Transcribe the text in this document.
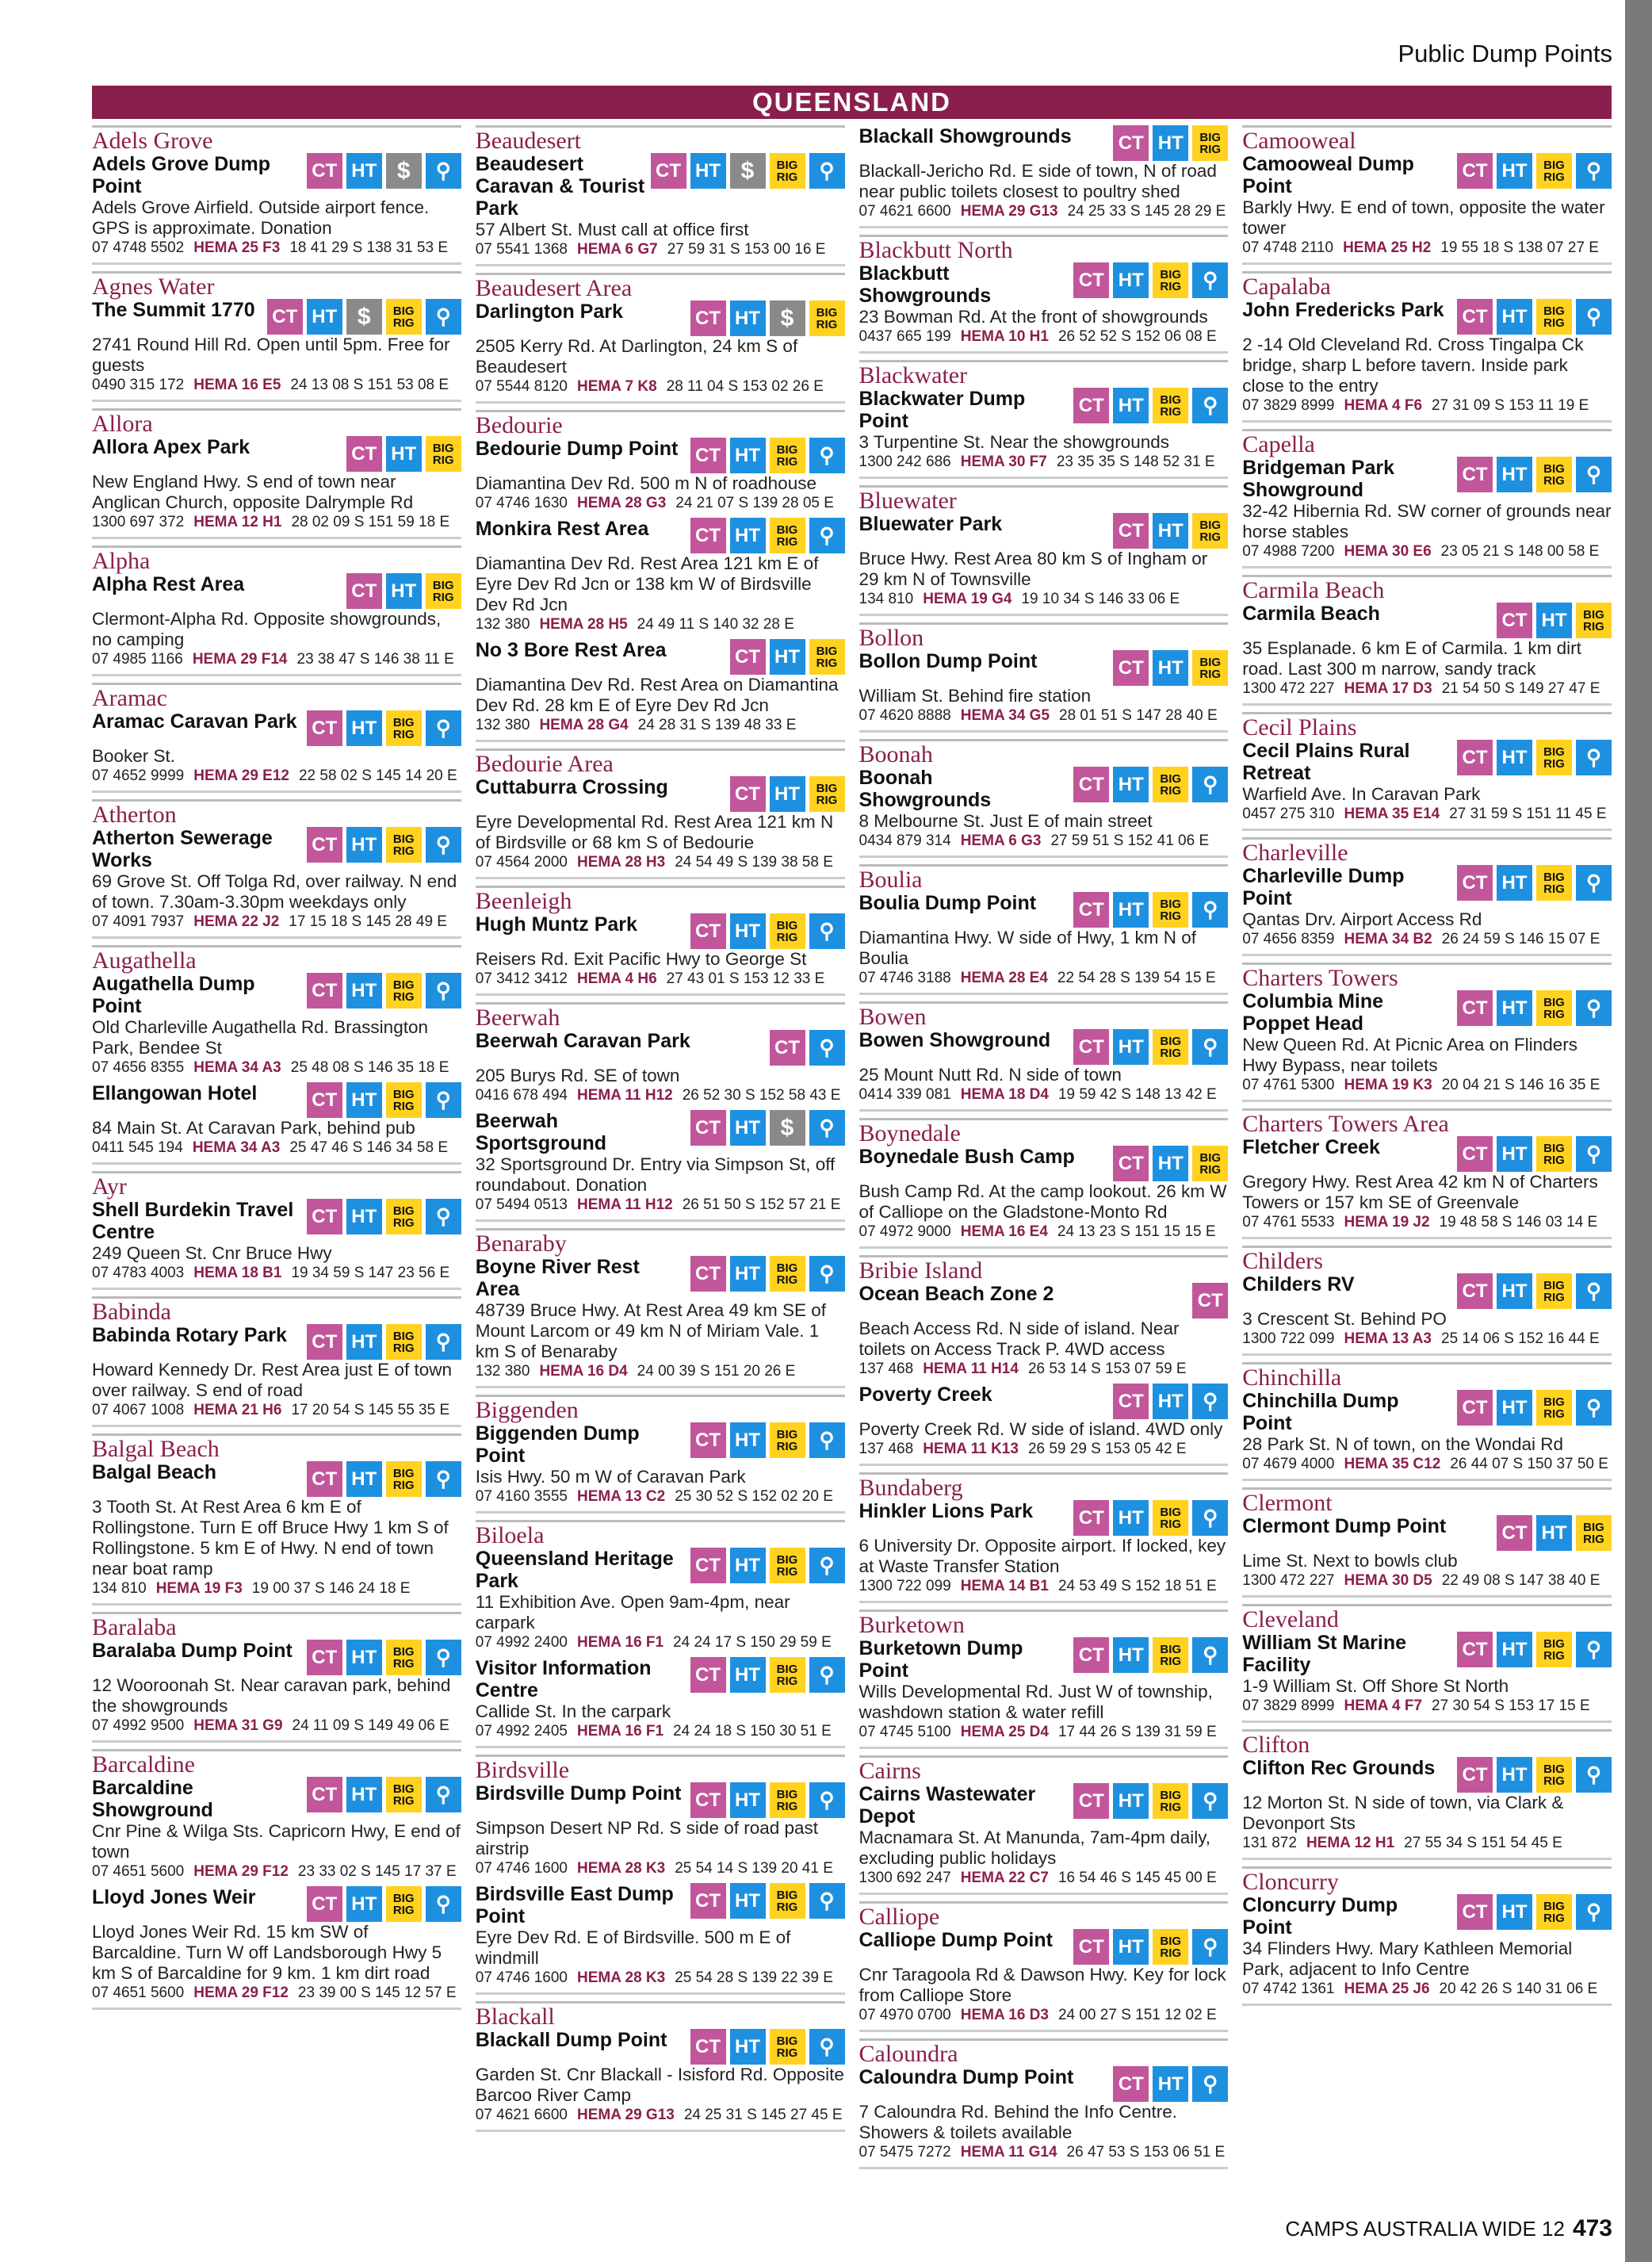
Public Dump Points
QUEENSLAND
Adels Grove
Adels Grove Dump Point
CT HT $	⚲
Adels Grove Airfield. Outside airport fence. GPS is approximate. Donation
07 4748 5502 HEMA 25 F3 18 41 29 S 138 31 53 E
Agnes Water
The Summit 1770 CT HT $	BIG
RIG	⚲
2741 Round Hill Rd. Open until 5pm. Free for guests
0490 315 172 HEMA 16 E5 24 13 08 S 151 53 08 E
Allora
Allora Apex Park	CT HT	BIG
RIG
New England Hwy. S end of town near Anglican Church, opposite Dalrymple Rd
1300 697 372 HEMA 12 H1 28 02 09 S 151 59 18 E
Alpha
Alpha Rest Area	CT HT	BIG
RIG
Clermont-Alpha Rd. Opposite showgrounds, no camping
07 4985 1166 HEMA 29 F14 23 38 47 S 146 38 11 E
Aramac
Aramac Caravan Park CT HT	BIG
RIG	⚲
Booker St.
07 4652 9999 HEMA 29 E12 22 58 02 S 145 14 20 E
Atherton
Atherton Sewerage Works
CT HT	BIG
RIG	⚲
69 Grove St. Off Tolga Rd, over railway. N end of town. 7.30am-3.30pm weekdays only
07 4091 7937 HEMA 22 J2 17 15 18 S 145 28 49 E
Augathella
Augathella Dump Point
CT HT	BIG
RIG	⚲
Old Charleville Augathella Rd. Brassington Park, Bendee St
07 4656 8355 HEMA 34 A3 25 48 08 S 146 35 18 E
Ellangowan Hotel	CT HT	BIG
RIG	⚲
84 Main St. At Caravan Park, behind pub
0411 545 194 HEMA 34 A3 25 47 46 S 146 34 58 E
Ayr
Shell Burdekin Travel Centre
CT HT	BIG
RIG	⚲
249 Queen St. Cnr Bruce Hwy
07 4783 4003 HEMA 18 B1 19 34 59 S 147 23 56 E
Babinda
Babinda Rotary Park CT HT	BIG
RIG	⚲
Howard Kennedy Dr. Rest Area just E of town over railway. S end of road
07 4067 1008 HEMA 21 H6 17 20 54 S 145 55 35 E
Balgal Beach
Balgal Beach	CT HT	BIG
RIG	⚲
3 Tooth St. At Rest Area 6 km E of Rollingstone. Turn E off Bruce Hwy 1 km S of Rollingstone. 5 km E of Hwy. N end of town near boat ramp
134 810 HEMA 19 F3 19 00 37 S 146 24 18 E
Baralaba
Baralaba Dump Point CT HT	BIG
RIG	⚲
12 Wooroonah St. Near caravan park, behind the showgrounds
07 4992 9500 HEMA 31 G9 24 11 09 S 149 49 06 E
Barcaldine
Barcaldine Showground
CT HT	BIG
RIG	⚲
Cnr Pine & Wilga Sts. Capricorn Hwy, E end of town
07 4651 5600 HEMA 29 F12 23 33 02 S 145 17 37 E
Lloyd Jones Weir	CT HT	BIG
RIG	⚲
Lloyd Jones Weir Rd. 15 km SW of Barcaldine. Turn W off Landsborough Hwy 5 km S of Barcaldine for 9 km. 1 km dirt road
07 4651 5600 HEMA 29 F12 23 39 00 S 145 12 57 E
Beaudesert
Beaudesert Caravan & Tourist Park
CT HT $	BIG
RIG	⚲
57 Albert St. Must call at office first
07 5541 1368 HEMA 6 G7 27 59 31 S 153 00 16 E
Beaudesert Area
Darlington Park	CT HT $	BIG
RIG
2505 Kerry Rd. At Darlington, 24 km S of Beaudesert
07 5544 8120 HEMA 7 K8 28 11 04 S 153 02 26 E
Bedourie
Bedourie Dump Point CT HT	BIG
RIG	⚲
Diamantina Dev Rd. 500 m N of roadhouse
07 4746 1630 HEMA 28 G3 24 21 07 S 139 28 05 E
Monkira Rest Area CT HT	BIG
RIG	⚲
Diamantina Dev Rd. Rest Area 121 km E of Eyre Dev Rd Jcn or 138 km W of Birdsville Dev Rd Jcn
132 380 HEMA 28 H5 24 49 11 S 140 32 28 E
No 3 Bore Rest Area	CT HT	BIG
RIG
Diamantina Dev Rd. Rest Area on Diamantina Dev Rd. 28 km E of Eyre Dev Rd Jcn
132 380 HEMA 28 G4 24 28 31 S 139 48 33 E
Bedourie Area
Cuttaburra Crossing	CT HT	BIG
RIG
Eyre Developmental Rd. Rest Area 121 km N of Birdsville or 68 km S of Bedourie
07 4564 2000 HEMA 28 H3 24 54 49 S 139 38 58 E
Beenleigh
Hugh Muntz Park	CT HT	BIG
RIG	⚲
Reisers Rd. Exit Pacific Hwy to George St
07 3412 3412 HEMA 4 H6 27 43 01 S 153 12 33 E
Beerwah
Beerwah Caravan Park	CT ⚲
205 Burys Rd. SE of town
0416 678 494 HEMA 11 H12 26 52 30 S 152 58 43 E
Beerwah Sportsground
CT HT $	⚲
32 Sportsground Dr. Entry via Simpson St, off roundabout. Donation
07 5494 0513 HEMA 11 H12 26 51 50 S 152 57 21 E
Benaraby
Boyne River Rest Area
CT HT	BIG
RIG	⚲
48739 Bruce Hwy. At Rest Area 49 km SE of Mount Larcom or 49 km N of Miriam Vale. 1 km S of Benaraby
132 380 HEMA 16 D4 24 00 39 S 151 20 26 E
Biggenden
Biggenden Dump Point
CT HT	BIG
RIG	⚲
Isis Hwy. 50 m W of Caravan Park
07 4160 3555 HEMA 13 C2 25 30 52 S 152 02 20 E
Biloela
Queensland Heritage Park
CT HT	BIG
RIG	⚲
11 Exhibition Ave. Open 9am-4pm, near carpark
07 4992 2400 HEMA 16 F1 24 24 17 S 150 29 59 E
Visitor Information Centre
CT HT	BIG
RIG	⚲
Callide St. In the carpark
07 4992 2405 HEMA 16 F1 24 24 18 S 150 30 51 E
Birdsville
Birdsville Dump Point CT HT	BIG
RIG	⚲
Simpson Desert NP Rd. S side of road past airstrip
07 4746 1600 HEMA 28 K3 25 54 14 S 139 20 41 E
Birdsville East Dump Point
CT HT	BIG
RIG	⚲
Eyre Dev Rd. E of Birdsville. 500 m E of windmill
07 4746 1600 HEMA 28 K3 25 54 28 S 139 22 39 E
Blackall
Blackall Dump Point CT HT	BIG
RIG	⚲
Garden St. Cnr Blackall - Isisford Rd. Opposite Barcoo River Camp
07 4621 6600 HEMA 29 G13 24 25 31 S 145 27 45 E
Blackall Showgrounds CT HT	BIG
RIG
Blackall-Jericho Rd. E side of town, N of road near public toilets closest to poultry shed
07 4621 6600 HEMA 29 G13 24 25 33 S 145 28 29 E
Blackbutt North
Blackbutt Showgrounds
CT HT	BIG
RIG	⚲
23 Bowman Rd. At the front of showgrounds
0437 665 199 HEMA 10 H1 26 52 52 S 152 06 08 E
Blackwater
Blackwater Dump Point
CT HT	BIG
RIG	⚲
3 Turpentine St. Near the showgrounds
1300 242 686 HEMA 30 F7 23 35 35 S 148 52 31 E
Bluewater
Bluewater Park	CT HT	BIG
RIG
Bruce Hwy. Rest Area 80 km S of Ingham or 29 km N of Townsville
134 810 HEMA 19 G4 19 10 34 S 146 33 06 E
Bollon
Bollon Dump Point	CT HT	BIG
RIG
William St. Behind fire station
07 4620 8888 HEMA 34 G5 28 01 51 S 147 28 40 E
Boonah
Boonah Showgrounds
CT HT	BIG
RIG	⚲
8 Melbourne St. Just E of main street
0434 879 314 HEMA 6 G3 27 59 51 S 152 41 06 E
Boulia
Boulia Dump Point CT HT	BIG
RIG	⚲
Diamantina Hwy. W side of Hwy, 1 km N of Boulia
07 4746 3188 HEMA 28 E4 22 54 28 S 139 54 15 E
Bowen
Bowen Showground CT HT	BIG
RIG	⚲
25 Mount Nutt Rd. N side of town
0414 339 081 HEMA 18 D4 19 59 42 S 148 13 42 E
Boynedale
Boynedale Bush Camp CT HT	BIG
RIG
Bush Camp Rd. At the camp lookout. 26 km W of Calliope on the Gladstone-Monto Rd
07 4972 9000 HEMA 16 E4 24 13 23 S 151 15 15 E
Bribie Island
Ocean Beach Zone 2	CT
Beach Access Rd. N side of island. Near toilets on Access Track P. 4WD access
137 468 HEMA 11 H14 26 53 14 S 153 07 59 E
Poverty Creek	CT HT ⚲
Poverty Creek Rd. W side of island. 4WD only
137 468 HEMA 11 K13 26 59 29 S 153 05 42 E
Bundaberg
Hinkler Lions Park CT HT	BIG
RIG	⚲
6 University Dr. Opposite airport. If locked, key at Waste Transfer Station
1300 722 099 HEMA 14 B1 24 53 49 S 152 18 51 E
Burketown
Burketown Dump Point
CT HT	BIG
RIG	⚲
Wills Developmental Rd. Just W of township, washdown station & water refill
07 4745 5100 HEMA 25 D4 17 44 26 S 139 31 59 E
Cairns
Cairns Wastewater Depot
CT HT	BIG
RIG	⚲
Macnamara St. At Manunda, 7am-4pm daily, excluding public holidays
1300 692 247 HEMA 22 C7 16 54 46 S 145 45 00 E
Calliope
Calliope Dump Point CT HT	BIG
RIG	⚲
Cnr Taragoola Rd & Dawson Hwy. Key for lock from Calliope Store
07 4970 0700 HEMA 16 D3 24 00 27 S 151 12 02 E
Caloundra
Caloundra Dump Point CT HT ⚲
7 Caloundra Rd. Behind the Info Centre. Showers & toilets available
07 5475 7272 HEMA 11 G14 26 47 53 S 153 06 51 E
Camooweal
Camooweal Dump Point
CT HT	BIG
RIG	⚲
Barkly Hwy. E end of town, opposite the water tower
07 4748 2110 HEMA 25 H2 19 55 18 S 138 07 27 E
Capalaba
John Fredericks Park CT HT	BIG
RIG	⚲
2 -14 Old Cleveland Rd. Cross Tingalpa Ck bridge, sharp L before tavern. Inside park close to the entry
07 3829 8999 HEMA 4 F6 27 31 09 S 153 11 19 E
Capella
Bridgeman Park Showground
CT HT	BIG
RIG	⚲
32-42 Hibernia Rd. SW corner of grounds near horse stables
07 4988 7200 HEMA 30 E6 23 05 21 S 148 00 58 E
Carmila Beach
Carmila Beach	CT HT	BIG
RIG
35 Esplanade. 6 km E of Carmila. 1 km dirt road. Last 300 m narrow, sandy track
1300 472 227 HEMA 17 D3 21 54 50 S 149 27 47 E
Cecil Plains
Cecil Plains Rural Retreat
CT HT	BIG
RIG	⚲
Warfield Ave. In Caravan Park
0457 275 310 HEMA 35 E14 27 31 59 S 151 11 45 E
Charleville
Charleville Dump Point
CT HT	BIG
RIG	⚲
Qantas Drv. Airport Access Rd
07 4656 8359 HEMA 34 B2 26 24 59 S 146 15 07 E
Charters Towers
Columbia Mine Poppet Head
CT HT	BIG
RIG	⚲
New Queen Rd. At Picnic Area on Flinders Hwy Bypass, near toilets
07 4761 5300 HEMA 19 K3 20 04 21 S 146 16 35 E
Charters Towers Area
Fletcher Creek	CT HT	BIG
RIG	⚲
Gregory Hwy. Rest Area 42 km N of Charters Towers or 157 km SE of Greenvale
07 4761 5533 HEMA 19 J2 19 48 58 S 146 03 14 E
Childers
Childers RV	CT HT	BIG
RIG	⚲
3 Crescent St. Behind PO
1300 722 099 HEMA 13 A3 25 14 06 S 152 16 44 E
Chinchilla
Chinchilla Dump Point
CT HT	BIG
RIG	⚲
28 Park St. N of town, on the Wondai Rd
07 4679 4000 HEMA 35 C12 26 44 07 S 150 37 50 E
Clermont
Clermont Dump Point	CT HT	BIG
RIG
Lime St. Next to bowls club
1300 472 227 HEMA 30 D5 22 49 08 S 147 38 40 E
Cleveland
William St Marine Facility
CT HT	BIG
RIG	⚲
1-9 William St. Off Shore St North
07 3829 8999 HEMA 4 F7 27 30 54 S 153 17 15 E
Clifton
Clifton Rec Grounds CT HT	BIG
RIG	⚲
12 Morton St. N side of town, via Clark & Devonport Sts
131 872 HEMA 12 H1 27 55 34 S 151 54 45 E
Cloncurry
Cloncurry Dump Point
CT HT	BIG
RIG	⚲
34 Flinders Hwy. Mary Kathleen Memorial Park, adjacent to Info Centre
07 4742 1361 HEMA 25 J6 20 42 26 S 140 31 06 E
CAMPS AUSTRALIA WIDE 12 473
